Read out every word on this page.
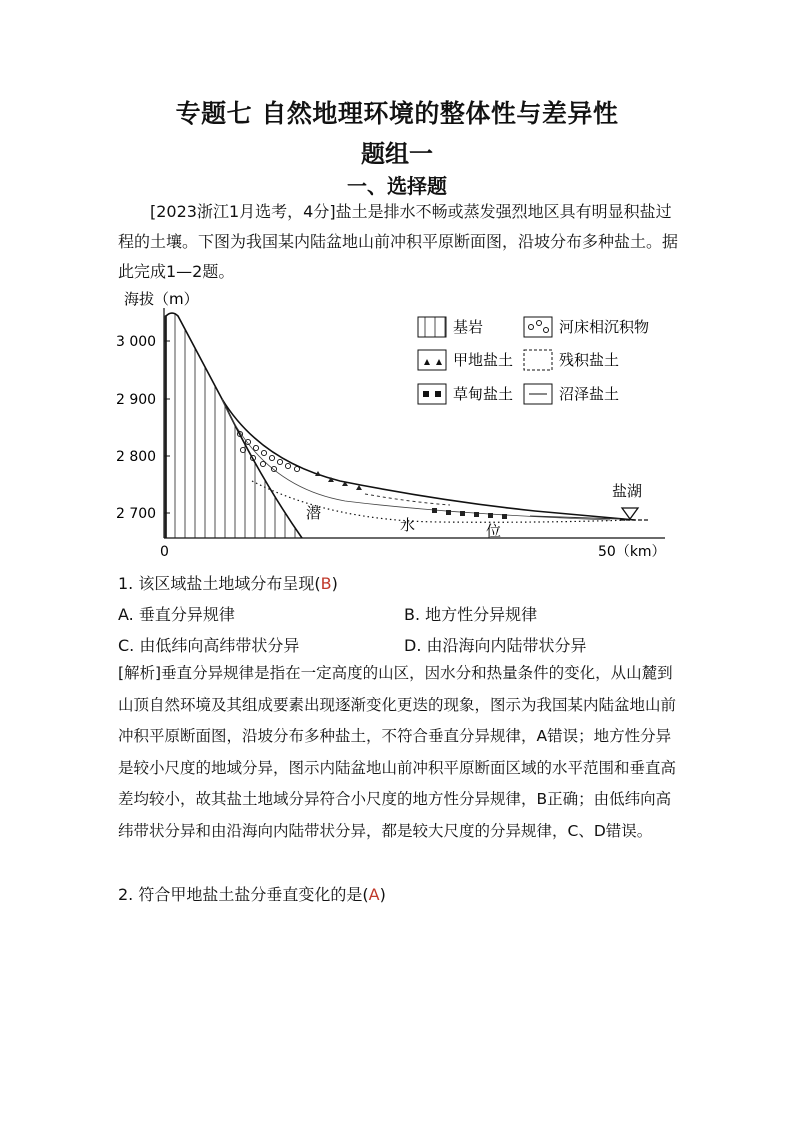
专题七 自然地理环境的整体性与差异性
题组一
一、选择题
[2023浙江1月选考，4分]盐土是排水不畅或蒸发强烈地区具有明显积盐过程的土壤。下图为我国某内陆盆地山前冲积平原断面图，沿坡分布多种盐土。据此完成1—2题。
海拔（m）
3 000
2 900
2 800
2 700
0	50（km）
潜
水	位
盐湖
基岩	河床相沉积物
甲地盐土	残积盐土
草甸盐土	沼泽盐土
1. 该区域盐土地域分布呈现(B)
A. 垂直分异规律	B. 地方性分异规律
C. 由低纬向高纬带状分异	D. 由沿海向内陆带状分异
[解析]垂直分异规律是指在一定高度的山区，因水分和热量条件的变化，从山麓到山顶自然环境及其组成要素出现逐渐变化更迭的现象，图示为我国某内陆盆地山前冲积平原断面图，沿坡分布多种盐土，不符合垂直分异规律，A错误；地方性分异是较小尺度的地域分异，图示内陆盆地山前冲积平原断面区域的水平范围和垂直高差均较小，故其盐土地域分异符合小尺度的地方性分异规律，B正确；由低纬向高纬带状分异和由沿海向内陆带状分异，都是较大尺度的分异规律，C、D错误。
2. 符合甲地盐土盐分垂直变化的是(A)
